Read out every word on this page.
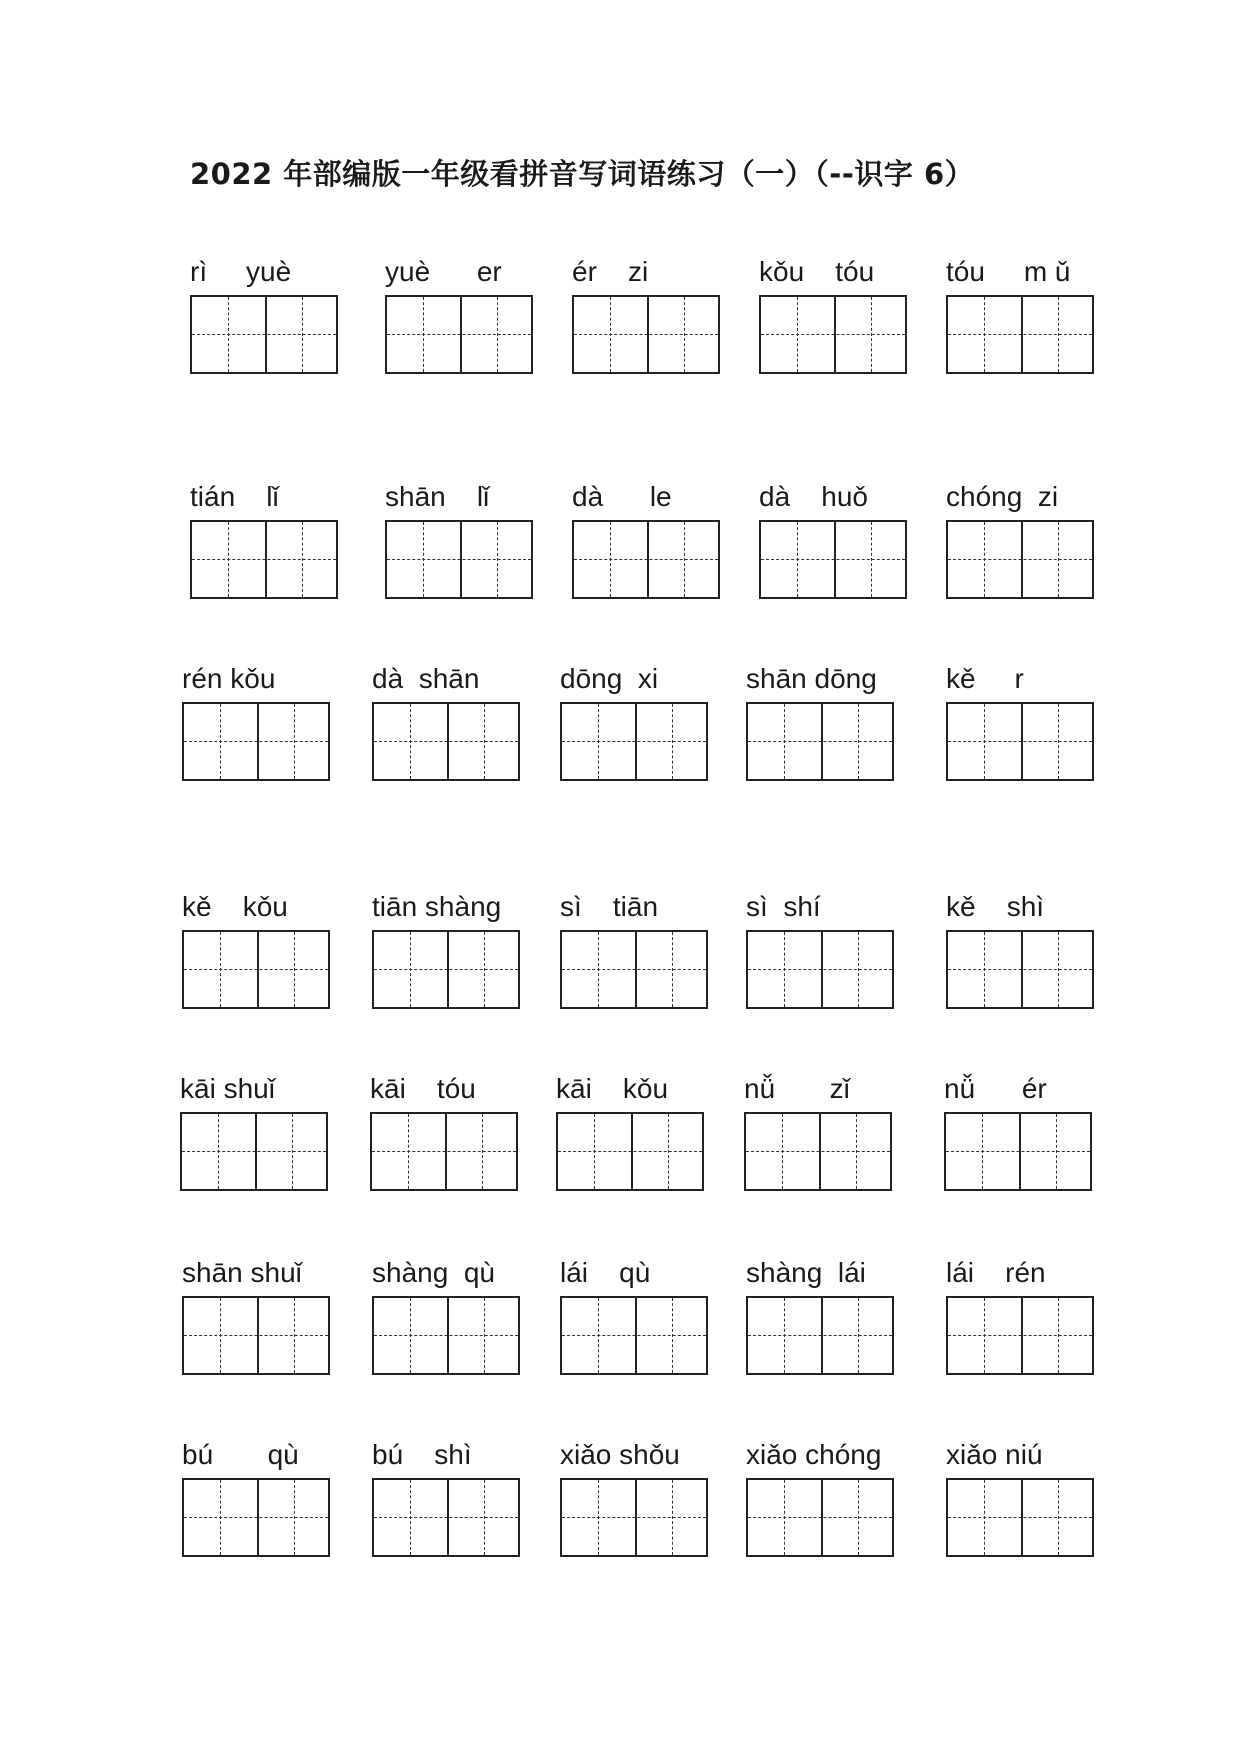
2022 年部编版一年级看拼音写词语练习（一）（--识字 6）
rì     yuè	yuè      er	ér    zi	kǒu    tóu	tóu     m ǔ
tián    lǐ	shān    lǐ	dà      le	dà    huǒ	chóng  zi
rén kǒu	dà  shān	dōng  xi	shān dōng	kě     r
kě    kǒu	tiān shàng	sì    tiān	sì  shí	kě    shì
kāi shuǐ	kāi    tóu	kāi    kǒu	nǚ       zǐ	nǚ      ér
shān shuǐ	shàng  qù	lái    qù	shàng  lái	lái    rén
bú       qù	bú    shì	xiǎo shǒu	xiǎo chóng	xiǎo niú
